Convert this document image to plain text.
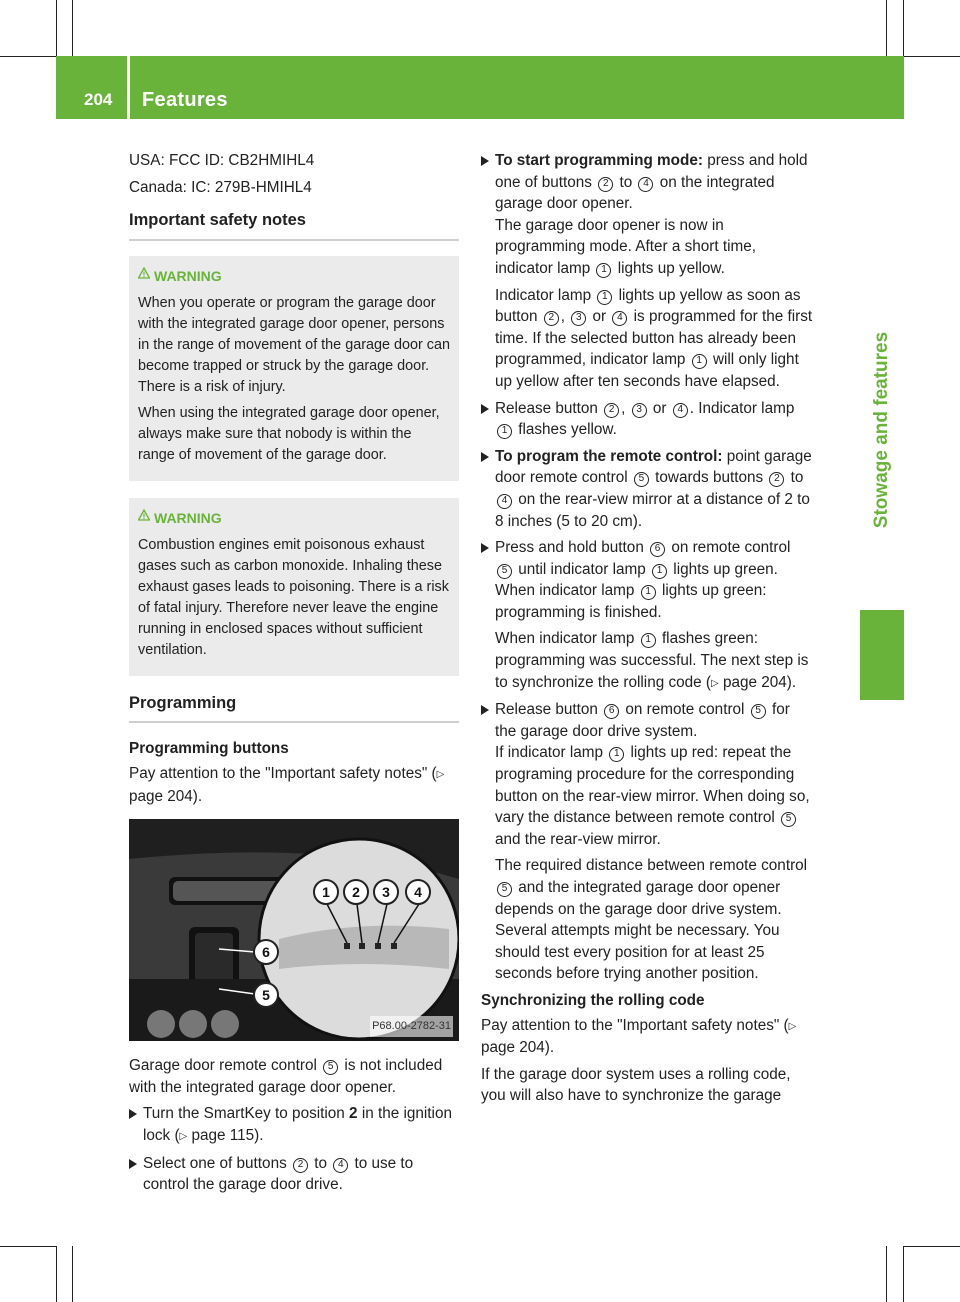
204 Features
Stowage and features
USA: FCC ID: CB2HMIHL4
Canada: IC: 279B-HMIHL4
Important safety notes
WARNING
When you operate or program the garage door with the integrated garage door opener, persons in the range of movement of the garage door can become trapped or struck by the garage door. There is a risk of injury.
When using the integrated garage door opener, always make sure that nobody is within the range of movement of the garage door.
WARNING
Combustion engines emit poisonous exhaust gases such as carbon monoxide. Inhaling these exhaust gases leads to poisoning. There is a risk of fatal injury. Therefore never leave the engine running in enclosed spaces without sufficient ventilation.
Programming
Programming buttons
Pay attention to the "Important safety notes" (▷ page 204).
1	2	3	4
6
5
P68.00-2782-31
Garage door remote control 5 is not included with the integrated garage door opener.
Turn the SmartKey to position 2 in the ignition lock (▷ page 115).
Select one of buttons 2 to 4 to use to control the garage door drive.
To start programming mode: press and hold one of buttons 2 to 4 on the integrated garage door opener.
The garage door opener is now in programming mode. After a short time, indicator lamp 1 lights up yellow.
Indicator lamp 1 lights up yellow as soon as button 2 , 3 or 4 is programmed for the first time. If the selected button has already been programmed, indicator lamp 1 will only light up yellow after ten seconds have elapsed.
Release button 2 , 3 or 4 . Indicator lamp 1 flashes yellow.
To program the remote control: point garage door remote control 5 towards buttons 2 to 4 on the rear-view mirror at a distance of 2 to 8 inches (5 to 20 cm).
Press and hold button 6 on remote control 5 until indicator lamp 1 lights up green. When indicator lamp 1 lights up green: programming is finished.
When indicator lamp 1 flashes green: programming was successful. The next step is to synchronize the rolling code (▷ page 204).
Release button 6 on remote control 5 for the garage door drive system.
If indicator lamp 1 lights up red: repeat the programing procedure for the corresponding button on the rear-view mirror. When doing so, vary the distance between remote control 5 and the rear-view mirror.
The required distance between remote control 5 and the integrated garage door opener depends on the garage door drive system. Several attempts might be necessary. You should test every position for at least 25 seconds before trying another position.
Synchronizing the rolling code
Pay attention to the "Important safety notes" (▷ page 204).
If the garage door system uses a rolling code, you will also have to synchronize the garage
